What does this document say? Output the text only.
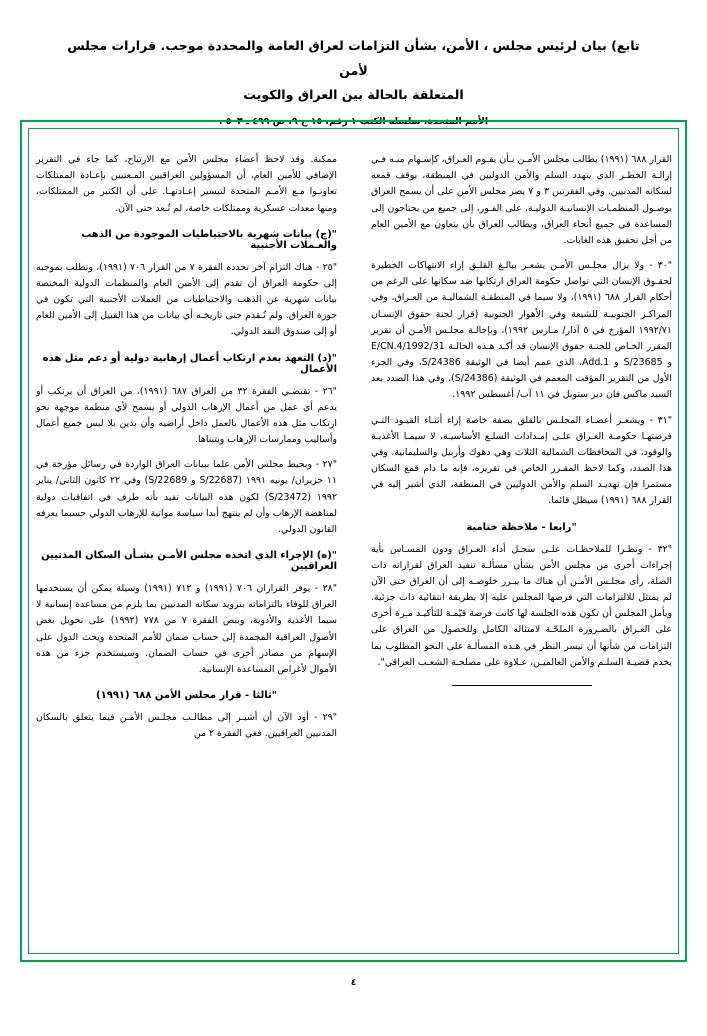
تابع) بيان لرئيس مجلس ، الأمن، بشأن التزامات لعراق العامة والمحددة موجب. قرارات مجلس لأمن
المتعلقة بالحالة بين العراق والكويت
الأمم المتحدة، سلسلة الكتب ١ رقم، ١٥ ج ٩، ص ٤٩٩ ـ ٥٠٣ .

القرار ٦٨٨ (١٩٩١) يطالب مجلس الأمـن بـأن يقـوم العـراق، كإسـهام منـه فـي إزالـة الخطـر الذي يتهدد السلم والأمن الدوليين في المنطقة، بوقف قمعه لسكانه المدنيين. وفي الفقرتين ٣ و ٧ يصر مجلس الأمن على أن يسمح العراق بوصـول المنظمـات الإنسانيـة الدوليـة، على الفـور، إلى جميع من يحتاجون إلى المساعدة في جميع أنحاء العراق، ويطالب العراق بأن يتعاون مع الأمين العام من أجل تحقيق هذه الغايات.

"٣٠ - ولا يزال مجلـس الأمـن يشعـر ببالـغ القلـق إزاء الانتهاكات الخطيرة لحقـوق الإنسان التي تواصل حكومة العراق ارتكابها ضد سكانها على الرغم من أحكام القرار ٦٨٨ (١٩٩١)، ولا سيما في المنطقـة الشماليـة من العـراق، وفي المراكـز الجنوبيـة للشيعة وفي الأهوار الجنوبية (قرار لجنة حقوق الإنسـان ١٩٩٢/٧١ المؤرخ في ٥ آذار/ مـارس ١٩٩٢)، وبإحالـة مجلـس الأمـن أن تقرير المقرر الخـاص للجنـة حقوق الإنسان قد أكـد هـذه الحالـة E/CN.4/1992/31 و S/23685 و Add.1، الذي عمم أيضا في الوثيقة S/24386، وفي الجزء الأول من التقرير المؤقت المعمم في الوثيقة (S/24386)، وفي هذا الصدد بعد السيد ماكس فان دير ستويل في ١١ آب/ أغسطس ١٩٩٢.

"٣١ - ويشعـر أعضـاء المجلـس بالقلق بصفة خاصة إزاء أثنـاء القيـود التـي فرضتهـا حكومـة العـراق علـى إمـدادات السلـع الأساسيـة، لا سيمـا الأغذيـة والوقود، في المحافظات الشمالية الثلاث وهي دهوك وأربيل والسليمانية. وفي هذا الصدد، وكما لاحظ المقـرر الخاص في تقريره، فإنه ما دام قمع السكان مستمرا فإن تهديـد السلم والأمن الدوليين في المنطقة، الذي أشير إليه في القرار ٦٨٨ (١٩٩١) سيظل قائما.

"رابعا - ملاحظة ختامية

"٣٢ - ونظـرا للملاحظـات علـى سجـل أداء العـراق ودون المسـاس بأية إجراءات أخرى من مجلس الأمن بشأن مسألـة تنفيذ العراق لقراراته ذات الصلة، رأى مجلـس الأمـن أن هناك ما يبـرر خلوصـه إلى أن العراق حتى الآن لم يمتثل للالتزامات التي فرضها المجلس عليه إلا بطريقة انتقائية ذات جزئية. ويأمل المجلس أن تكون هذه الجلسة لها كانت فرصة قيّمـة للتأكيـد مـرة أخرى على العـراق بالضـرورة الملحّـة لامتثاله الكامل وللحصول من العراق على التزامات من شأنها أن تيسر النظر في هـذه المسألـة على النحو المطلوب بما يخدم قضيـة السلـم والأمن العالميـن، عـلاوة على مصلحـة الشعـب العراقي".

ممكنة. وقد لاحظ أعضاء مجلس الأمن مع الارتياح، كما جاء في التقرير الإضافي للأمين العام، أن المسؤولين العراقيين المـعنيين بإعـادة الممتلكات تعاونـوا مـع الأمـم المتحدة لتيسير إعـادتهـا. على أن الكثير من الممتلكات، ومنها معدات عسكرية وممتلكات خاصة، لم تُـعد حتى الآن.

"(ج) بيانات شهرية بالاحتياطيات الموجودة من الذهب والعـملات الأجنبية

"٢٥ - هناك التزام آخر تحدده الفقرة ٧ من القرار ٧٠٦ (١٩٩١)، وتطلب بموجبه إلى حكومة العراق أن تقدم إلى الأمين العام والمنظمات الدولية المختصة بيانات شهرية عن الذهب والاحتياطيات من العملات الأجنبية التي تكون في حوزة العراق. ولم تُـقدم حتى تاريخـه أي بيانات من هذا القبيل إلى الأمين العام أو إلى صندوق النقد الدولي.

"(د) التعهد بعدم ارتكاب أعمال إرهابية دولية أو دعم مثل هذه الأعمال

"٢٦ - تقتضـي الفقرة ٣٢ من العراق ٦٨٧ (١٩٩١)، من العراق أن يرتكب أو يدعم أي عمل من أعمال الإرهاب الدولي أو يسمح لأي منظمة موجهة نحو ارتكاب مثل هذه الأعمال بالعمل داخل أراضيه وأن يدين بلا لبس جميع أعمال وأساليب وممارسات الإرهاب ويتبناها.

"٢٧ - وبحيط مجلس الأمن علما ببيانات العراق الواردة في رسائل مؤرخة في ١١ حزيران/ يونيه ١٩٩١ (S/22687 و S/22689) وفي ٢٢ كانون الثاني/ يناير ١٩٩٢ (S/23472) لكون هذه البيانات تفيد بأنه طرف في اتفاقيات دولية لمناهضة الإرهاب وأن لم ينتهج أبدا سياسة مواتية للإرهاب الدولي حسبما يعرفه القانون الدولي.

"(ه) الإجراء الذي اتخذه مجلس الأمـن بشـأن السكان المدنيين العراقيين

"٢٨ - يوفر القراران ٧٠٦ (١٩٩١) و ٧١٢ (١٩٩١) وسيلة يمكن أن يستخدمها العراق للوفاء بالتزاماته بتزويد سكانه المدنيين بما يلزم من مساعدة إنسانية لا سيما الأغذية والأدوية، وبنص الفقرة ٧ من ٧٧٨ (١٩٩٢) على تحويل بعض الأصول العراقية المجمدة إلى حساب ضمان للأمم المتحدة ويحث الدول على الإسهام من مصادر أخرى في حساب الضمان. وسيستخدم جزء من هذه الأموال لأغراض المساعدة الإنسانية.

"ثالثا - قرار مجلس الأمن ٦٨٨ (١٩٩١)

"٢٩ - أود الآن أن أشيـر إلى مطالـب مجلـس الأمـن فيما يتعلق بالسكان المدنيين العراقيين. فغي الفقرة ٢ من

٤
